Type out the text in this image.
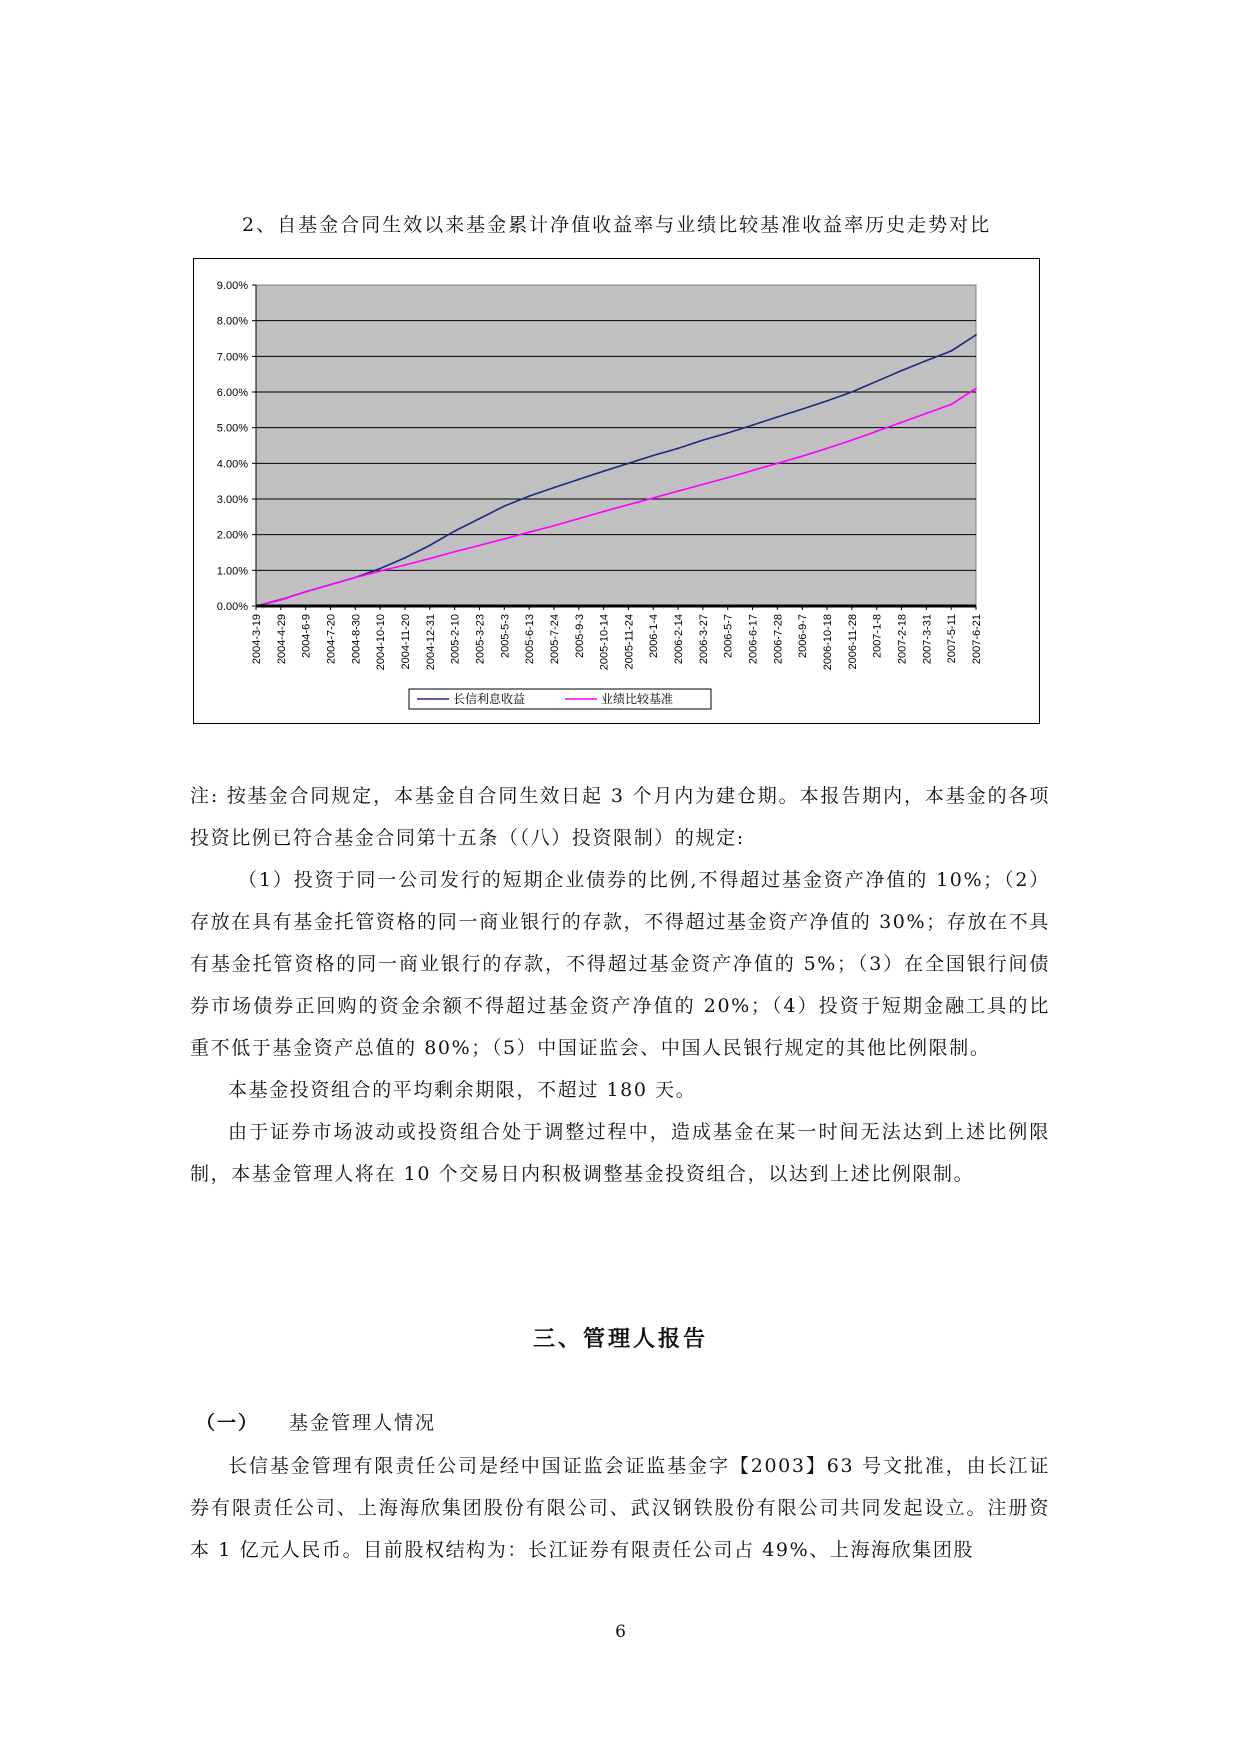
2、自基金合同生效以来基金累计净值收益率与业绩比较基准收益率历史走势对比
9.00%
8.00%
7.00%
6.00%
5.00%
4.00%
3.00%
2.00%
1.00%
0.00%
2004-3-19 2004-4-29 2004-6-9 2004-7-20 2004-8-30 2004-10-10 2004-11-20 2004-12-31 2005-2-10 2005-3-23 2005-5-3 2005-6-13 2005-7-24 2005-9-3 2005-10-14 2005-11-24 2006-1-4 2006-2-14 2006-3-27 2006-5-7 2006-6-17 2006-7-28 2006-9-7 2006-10-18 2006-11-28 2007-1-8 2007-2-18 2007-3-31 2007-5-11 2007-6-21
长信利息收益	业绩比较基准

注: 按基金合同规定，本基金自合同生效日起 3 个月内为建仓期。本报告期内，本基金的各项投资比例已符合基金合同第十五条（（八）投资限制）的规定:

（1）投资于同一公司发行的短期企业债券的比例,不得超过基金资产净值的 10%；（2）存放在具有基金托管资格的同一商业银行的存款，不得超过基金资产净值的 30%；存放在不具有基金托管资格的同一商业银行的存款，不得超过基金资产净值的 5%；（3）在全国银行间债券市场债券正回购的资金余额不得超过基金资产净值的 20%；（4）投资于短期金融工具的比重不低于基金资产总值的 80%；（5）中国证监会、中国人民银行规定的其他比例限制。

本基金投资组合的平均剩余期限，不超过 180 天。

由于证券市场波动或投资组合处于调整过程中，造成基金在某一时间无法达到上述比例限制，本基金管理人将在 10 个交易日内积极调整基金投资组合，以达到上述比例限制。

三、管理人报告
（一） 基金管理人情况

长信基金管理有限责任公司是经中国证监会证监基金字【2003】63 号文批准，由长江证券有限责任公司、上海海欣集团股份有限公司、武汉钢铁股份有限公司共同发起设立。注册资本 1 亿元人民币。目前股权结构为：长江证券有限责任公司占 49%、上海海欣集团股

6
